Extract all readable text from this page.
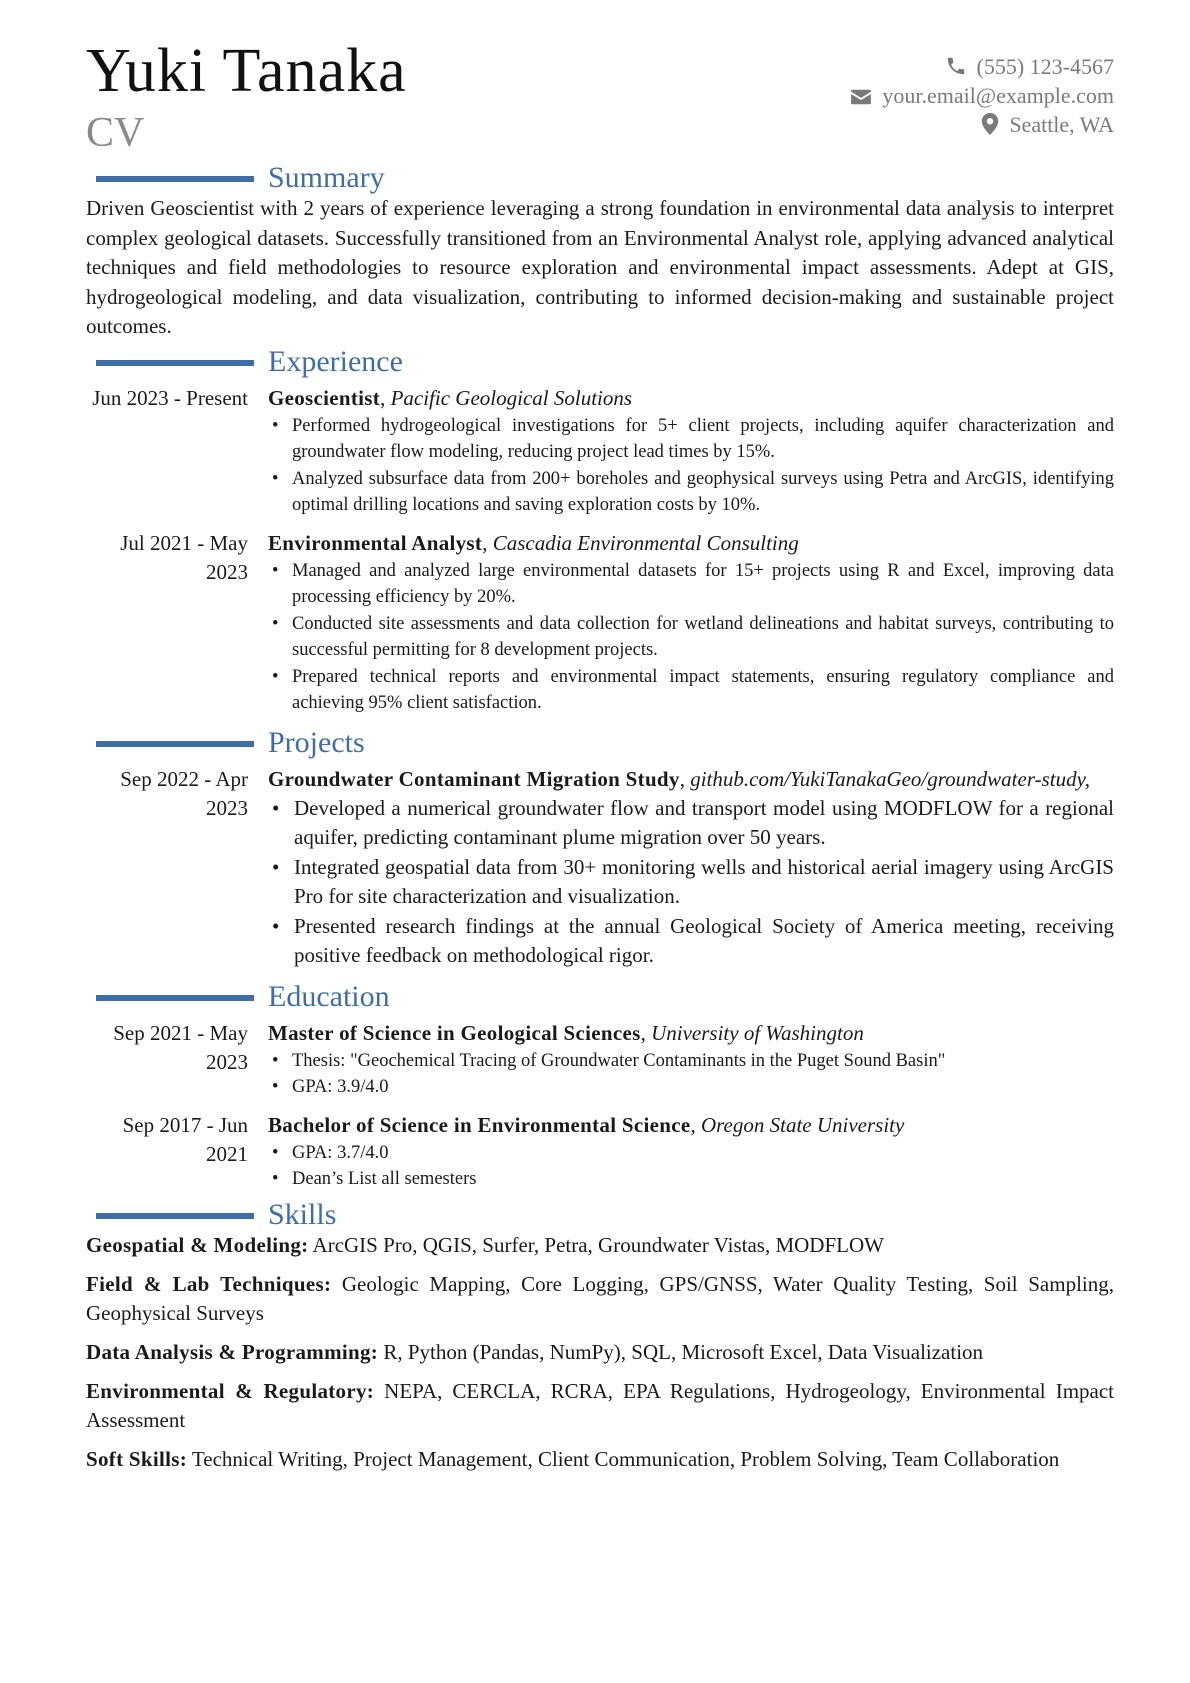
Yuki Tanaka
CV
(555) 123-4567
your.email@example.com
Seattle, WA
Summary

Driven Geoscientist with 2 years of experience leveraging a strong foundation in environmental data analysis to interpret complex geological datasets. Successfully transitioned from an Environmental Analyst role, applying advanced analytical techniques and field methodologies to resource exploration and environmental impact assessments. Adept at GIS, hydrogeological modeling, and data visualization, contributing to informed decision-making and sustainable project outcomes.

Experience
Jun 2023 - Present Geoscientist, Pacific Geological Solutions
• Performed hydrogeological investigations for 5+ client projects, including aquifer characterization and groundwater flow modeling, reducing project lead times by 15%.
• Analyzed subsurface data from 200+ boreholes and geophysical surveys using Petra and ArcGIS, identifying optimal drilling locations and saving exploration costs by 10%.
Jul 2021 - May 2023
Environmental Analyst, Cascadia Environmental Consulting
• Managed and analyzed large environmental datasets for 15+ projects using R and Excel, improving data processing efficiency by 20%.
• Conducted site assessments and data collection for wetland delineations and habitat surveys, contributing to successful permitting for 8 development projects.
• Prepared technical reports and environmental impact statements, ensuring regulatory compliance and achieving 95% client satisfaction.
Projects
Sep 2022 - Apr 2023
Groundwater Contaminant Migration Study, github.com/YukiTanakaGeo/groundwater-study,
• Developed a numerical groundwater flow and transport model using MODFLOW for a regional aquifer, predicting contaminant plume migration over 50 years.
• Integrated geospatial data from 30+ monitoring wells and historical aerial imagery using ArcGIS Pro for site characterization and visualization.
• Presented research findings at the annual Geological Society of America meeting, receiving positive feedback on methodological rigor.
Education
Sep 2021 - May 2023
Master of Science in Geological Sciences, University of Washington
• Thesis: "Geochemical Tracing of Groundwater Contaminants in the Puget Sound Basin"
• GPA: 3.9/4.0
Sep 2017 - Jun 2021
Bachelor of Science in Environmental Science, Oregon State University
• GPA: 3.7/4.0
• Dean’s List all semesters
Skills
Geospatial & Modeling: ArcGIS Pro, QGIS, Surfer, Petra, Groundwater Vistas, MODFLOW
Field & Lab Techniques: Geologic Mapping, Core Logging, GPS/GNSS, Water Quality Testing, Soil Sampling, Geophysical Surveys
Data Analysis & Programming: R, Python (Pandas, NumPy), SQL, Microsoft Excel, Data Visualization
Environmental & Regulatory: NEPA, CERCLA, RCRA, EPA Regulations, Hydrogeology, Environmental Impact Assessment
Soft Skills: Technical Writing, Project Management, Client Communication, Problem Solving, Team Collaboration
